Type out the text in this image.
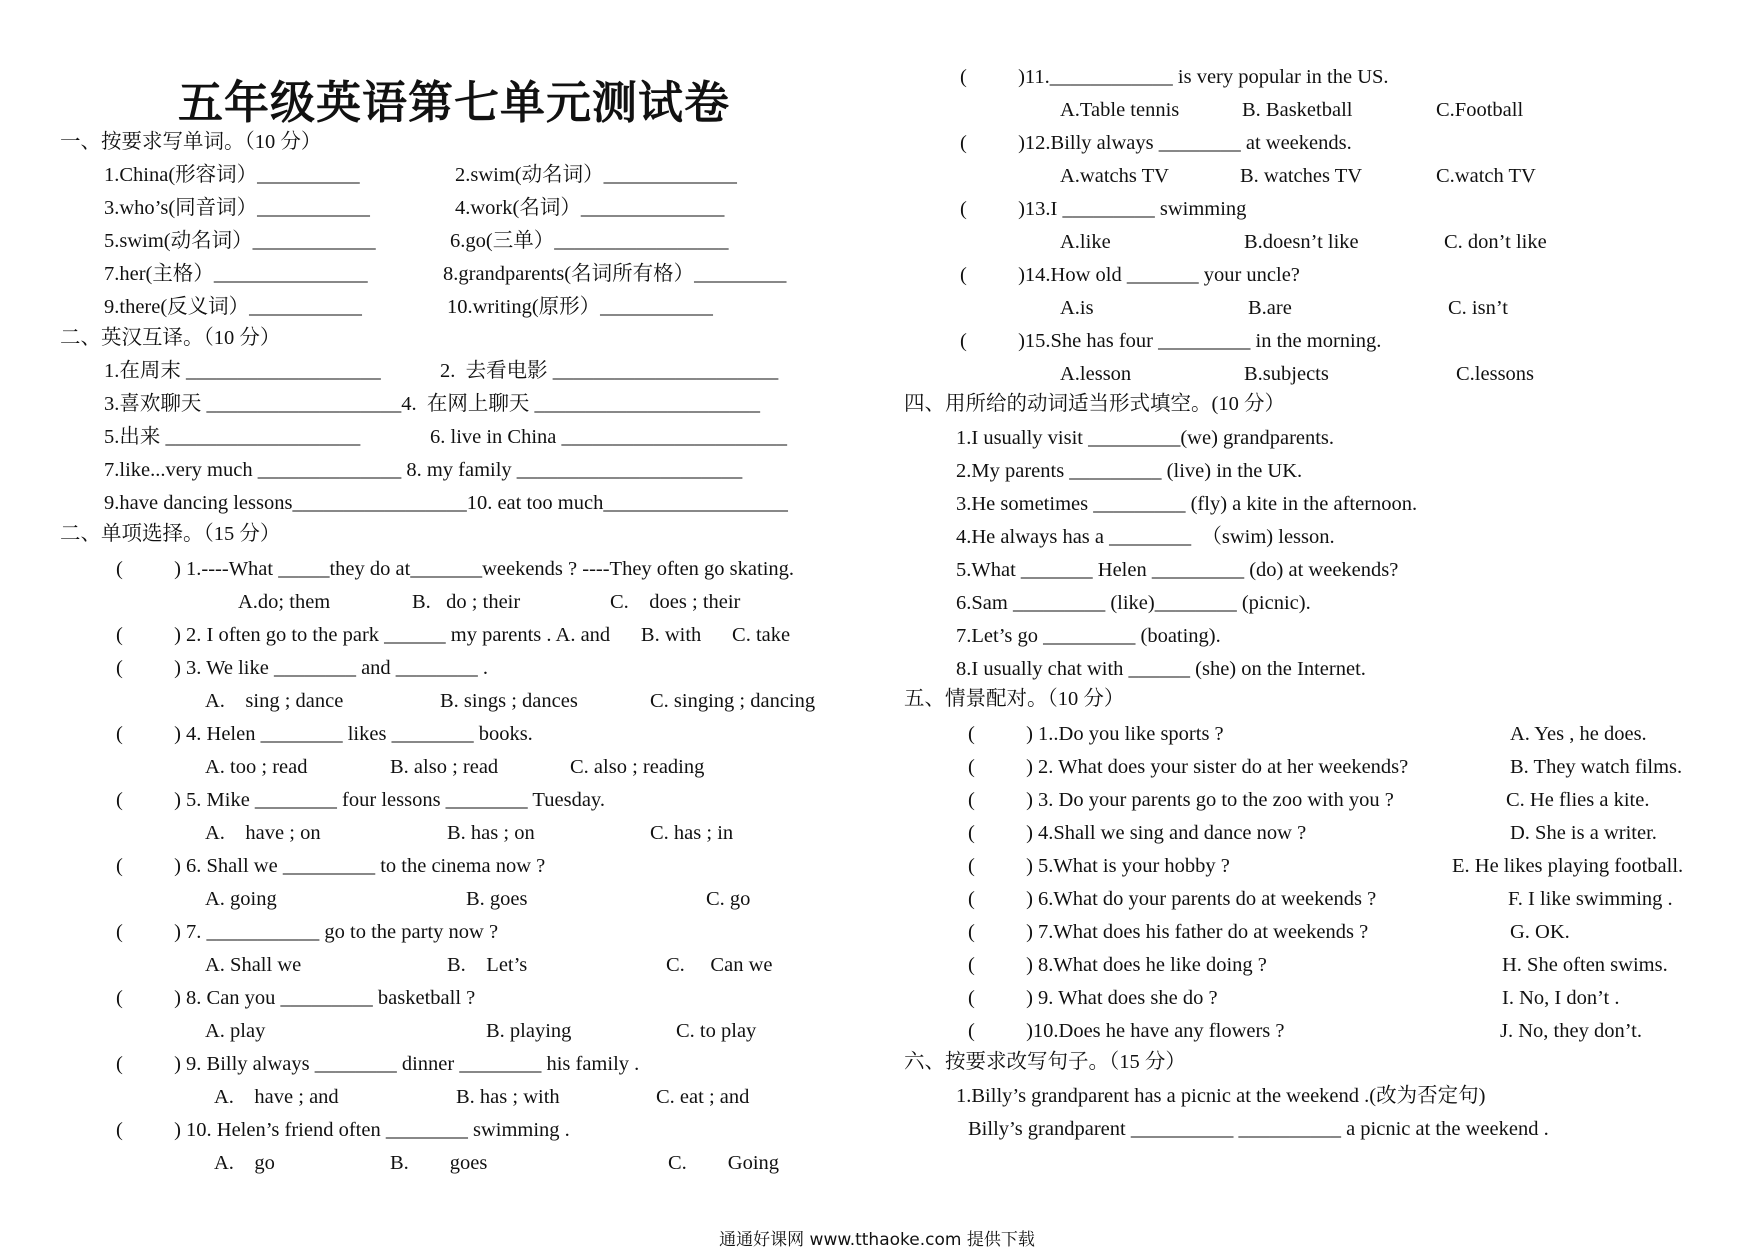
五年级英语第七单元测试卷
一、按要求写单词。（10 分）
1.China(形容词）__________	2.swim(动名词）_____________
3.who’s(同音词）___________	4.work(名词）______________
5.swim(动名词）____________	6.go(三单）_________________
7.her(主格）_______________	8.grandparents(名词所有格）_________
9.there(反义词）___________	10.writing(原形）___________
二、英汉互译。（10 分）
1.在周末 ___________________	2.  去看电影 ______________________
3.喜欢聊天 ___________________4.  在网上聊天 ______________________
5.出来 ___________________	6. live in China ______________________
7.like...very much ______________ 8. my family ______________________
9.have dancing lessons_________________10. eat too much__________________
二、单项选择。（15 分）
(          ) 1.----What _____they do at_______weekends ? ----They often go skating.
A.do; them	B.   do ; their	C.    does ; their
(          ) 2. I often go to the park ______ my parents . A. and      B. with      C. take
(          ) 3. We like ________ and ________ .
A.    sing ; dance	B. sings ; dances	C. singing ; dancing
(          ) 4. Helen ________ likes ________ books.
A. too ; read	B. also ; read	C. also ; reading
(          ) 5. Mike ________ four lessons ________ Tuesday.
A.    have ; on	B. has ; on	C. has ; in
(          ) 6. Shall we _________ to the cinema now ?
A. going	B. goes	C. go
(          ) 7. ___________ go to the party now ?
A. Shall we	B.    Let’s	C.     Can we
(          ) 8. Can you _________ basketball ?
A. play	B. playing	C. to play
(          ) 9. Billy always ________ dinner ________ his family .
A.    have ; and	B. has ; with	C. eat ; and
(          ) 10. Helen’s friend often ________ swimming .
A.    go	B.        goes	C.        Going
(          )11.____________ is very popular in the US.
A.Table tennis	B. Basketball	C.Football
(          )12.Billy always ________ at weekends.
A.watchs TV	B. watches TV	C.watch TV
(          )13.I _________ swimming
A.like	B.doesn’t like	C. don’t like
(          )14.How old _______ your uncle?
A.is	B.are	C. isn’t
(          )15.She has four _________ in the morning.
A.lesson	B.subjects	C.lessons
四、用所给的动词适当形式填空。(10 分）
1.I usually visit _________(we) grandparents.
2.My parents _________ (live) in the UK.
3.He sometimes _________ (fly) a kite in the afternoon.
4.He always has a ________  （swim) lesson.
5.What _______ Helen _________ (do) at weekends?
6.Sam _________ (like)________ (picnic).
7.Let’s go _________ (boating).
8.I usually chat with ______ (she) on the Internet.
五、情景配对。（10 分）
(          ) 1..Do you like sports ?	A. Yes , he does.
(          ) 2. What does your sister do at her weekends?	B. They watch films.
(          ) 3. Do your parents go to the zoo with you ?	C. He flies a kite.
(          ) 4.Shall we sing and dance now ?	D. She is a writer.
(          ) 5.What is your hobby ?	E. He likes playing football.
(          ) 6.What do your parents do at weekends ?	F. I like swimming .
(          ) 7.What does his father do at weekends ?	G. OK.
(          ) 8.What does he like doing ?	H. She often swims.
(          ) 9. What does she do ?	I. No, I don’t .
(          )10.Does he have any flowers ?	J. No, they don’t.
六、按要求改写句子。（15 分）
1.Billy’s grandparent has a picnic at the weekend .(改为否定句)
Billy’s grandparent __________ __________ a picnic at the weekend .
通通好课网 www.tthaoke.com 提供下载
